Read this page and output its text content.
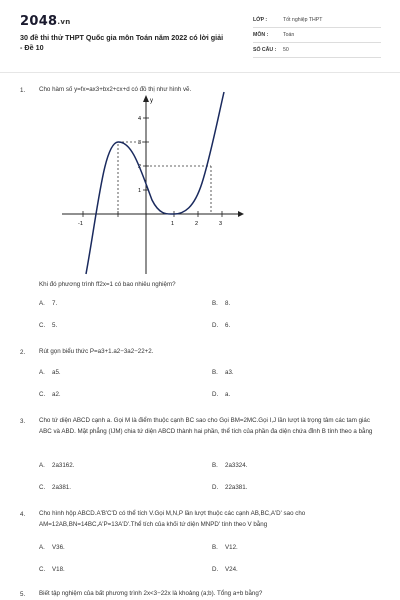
2048.vn
30 đề thi thử THPT Quốc gia môn Toán năm 2022 có lời giải - Đề 10
LỚP :	Tốt nghiệp THPT
MÔN :	Toán
SỐ CÂU : 50
1. Cho hàm số y=fx=ax3+bx2+cx+d có đồ thị như hình vẽ.
y
-1	1	2	3
4
3
2
1
Khi đó phương trình ff2x=1 có bao nhiêu nghiệm?
A. 7.	B. 8.
C. 5.	D. 6.
2. Rút gọn biểu thức P=a3+1.a2−3a2−22+2.
A. a5.	B. a3.
C. a2.	D. a.
3. Cho tứ diện ABCD cạnh a. Gọi M là điểm thuộc cạnh BC sao cho Gọi BM=2MC.Gọi I,J lần lượt là trọng tâm các tam giác ABC và ABD. Mặt phẳng (IJM) chia tứ diện ABCD thành hai phần, thể tích của phần đa diện chứa đỉnh B tính theo a bằng
A. 2a3162.	B. 2a3324.
C. 2a381.	D. 22a381.
4. Cho hình hộp ABCD.A'B'C'D có thể tích V.Gọi M,N,P lần lượt thuộc các cạnh AB,BC,A'D' sao cho AM=12AB,BN=14BC,A'P=13A'D'.Thể tích của khối tứ diện MNPD' tính theo V bằng
A. V36.	B. V12.
C. V18.	D. V24.
5. Biết tập nghiệm của bất phương trình 2x<3−22x là khoảng (a;b). Tổng a+b bằng?
